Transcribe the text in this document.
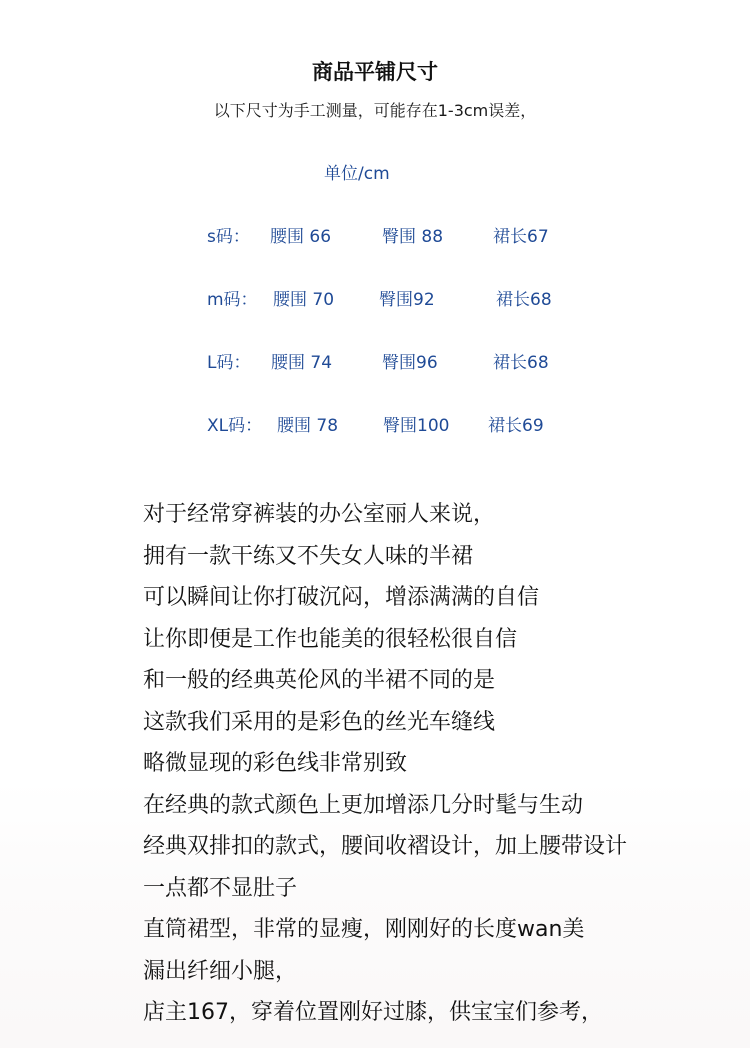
商品平铺尺寸
以下尺寸为手工测量，可能存在1-3cm误差，
单位/cm
s码： 腰围 66	臀围 88	裙长67
m码： 腰围 70	臀围92	裙长68
L码： 腰围 74	臀围96	裙长68
XL码： 腰围 78	臀围100 裙长69
对于经常穿裤装的办公室丽人来说，
拥有一款干练又不失女人味的半裙
可以瞬间让你打破沉闷，增添满满的自信
让你即便是工作也能美的很轻松很自信
和一般的经典英伦风的半裙不同的是
这款我们采用的是彩色的丝光车缝线
略微显现的彩色线非常别致
在经典的款式颜色上更加增添几分时髦与生动
经典双排扣的款式，腰间收褶设计，加上腰带设计
一点都不显肚子
直筒裙型，非常的显瘦，刚刚好的长度wan美
漏出纤细小腿，
店主167，穿着位置刚好过膝，供宝宝们参考，
